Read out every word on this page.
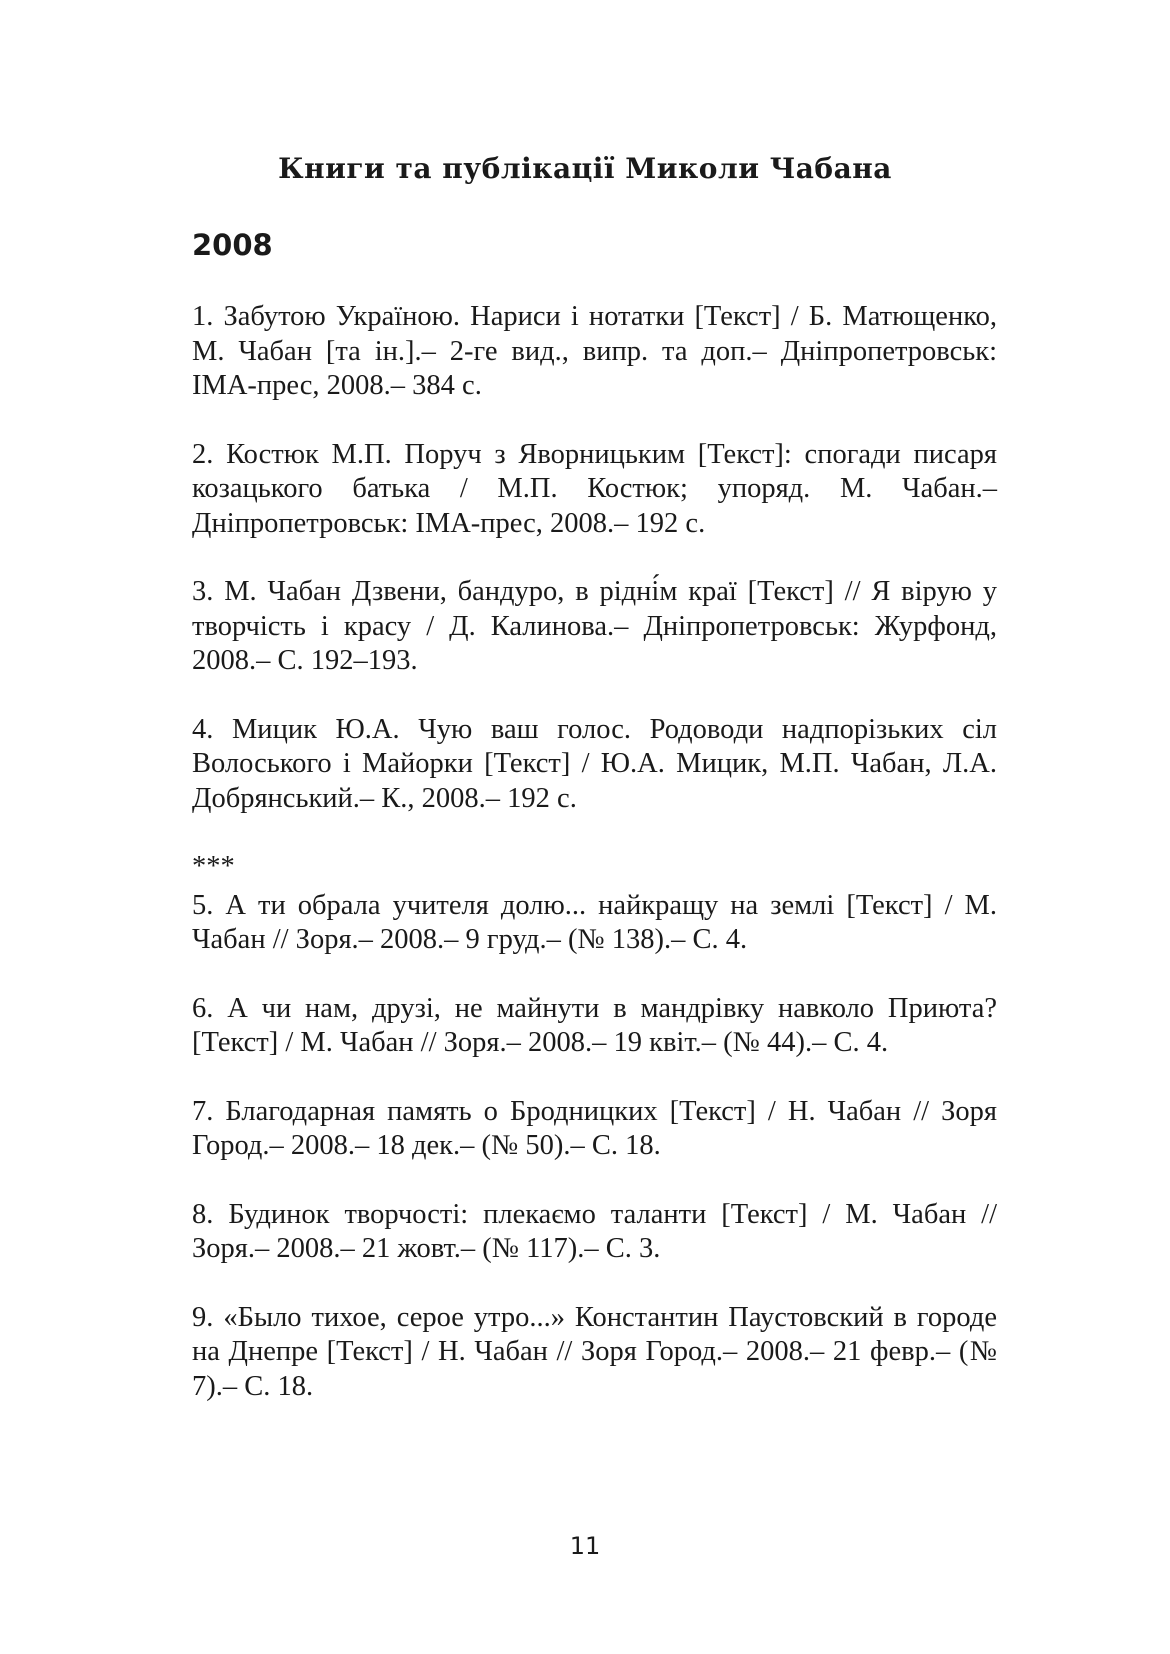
Книги та публікації Миколи Чабана
2008

1. Забутою Україною. Нариси і нотатки [Текст] / Б. Матющенко, М. Чабан [та ін.].– 2-ге вид., випр. та доп.– Дніпропетровськ: ІМА-прес, 2008.– 384 с.

2. Костюк М.П. Поруч з Яворницьким [Текст]: спогади писаря козацького батька / М.П. Костюк; упоряд. М. Чабан.– Дніпропетровськ: ІМА-прес, 2008.– 192 с.

3. М. Чабан Дзвени, бандуро, в рідні́м краї [Текст] // Я вірую у творчість і красу / Д. Калинова.– Дніпропетровськ: Журфонд, 2008.– С. 192–193.

4. Мицик Ю.А. Чую ваш голос. Родоводи надпорізьких сіл Волоського і Майорки [Текст] / Ю.А. Мицик, М.П. Чабан, Л.А. Добрянський.– К., 2008.– 192 с.

***

5. А ти обрала учителя долю... найкращу на землі [Текст] / М. Чабан // Зоря.– 2008.– 9 груд.– (№ 138).– С. 4.

6. А чи нам, друзі, не майнути в мандрівку навколо Приюта? [Текст] / М. Чабан // Зоря.– 2008.– 19 квіт.– (№ 44).– С. 4.

7. Благодарная память о Бродницких [Текст] / Н. Чабан // Зоря Город.– 2008.– 18 дек.– (№ 50).– С. 18.

8. Будинок творчості: плекаємо таланти [Текст] / М. Чабан // Зоря.– 2008.– 21 жовт.– (№ 117).– С. 3.

9. «Было тихое, серое утро...» Константин Паустовский в городе на Днепре [Текст] / Н. Чабан // Зоря Город.– 2008.– 21 февр.– (№ 7).– С. 18.

11
